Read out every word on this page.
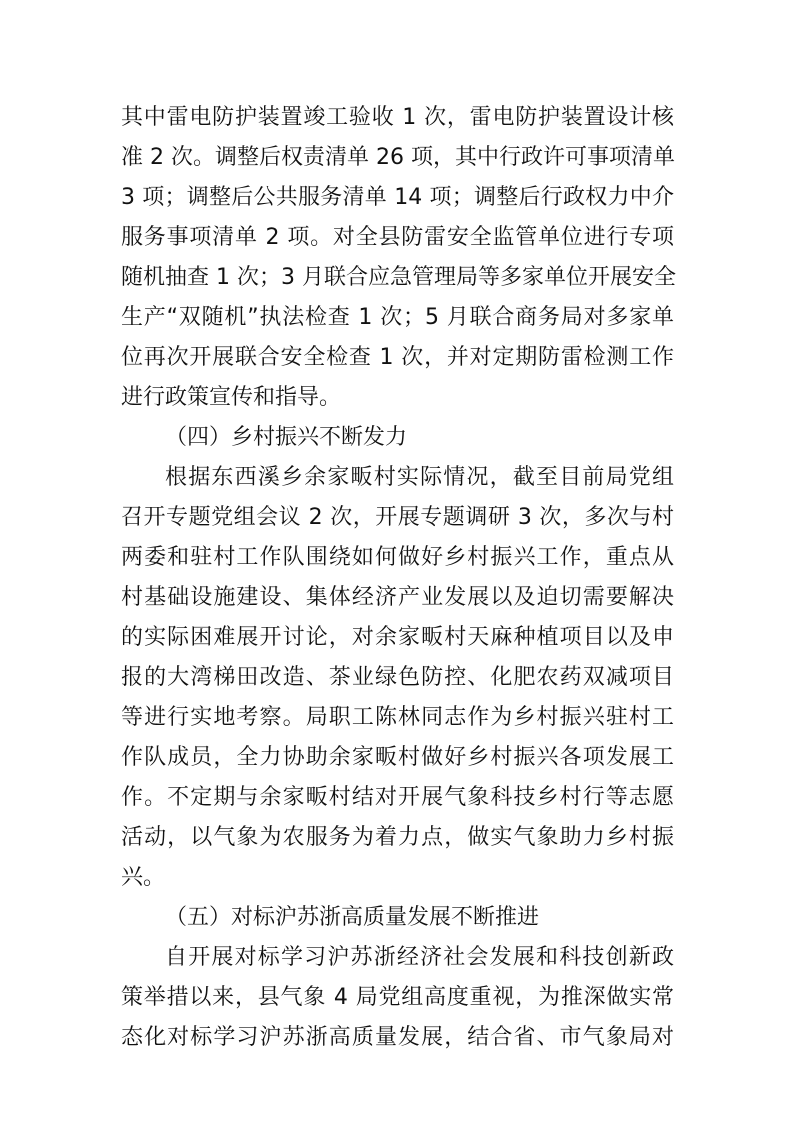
其中雷电防护装置竣工验收 1 次，雷电防护装置设计核
准 2 次。调整后权责清单 26 项，其中行政许可事项清单
3 项；调整后公共服务清单 14 项；调整后行政权力中介
服务事项清单 2 项。对全县防雷安全监管单位进行专项
随机抽查 1 次；3 月联合应急管理局等多家单位开展安全
生产“双随机”执法检查 1 次；5 月联合商务局对多家单
位再次开展联合安全检查 1 次，并对定期防雷检测工作
进行政策宣传和指导。
（四）乡村振兴不断发力
根据东西溪乡余家畈村实际情况，截至目前局党组
召开专题党组会议 2 次，开展专题调研 3 次，多次与村
两委和驻村工作队围绕如何做好乡村振兴工作，重点从
村基础设施建设、集体经济产业发展以及迫切需要解决
的实际困难展开讨论，对余家畈村天麻种植项目以及申
报的大湾梯田改造、茶业绿色防控、化肥农药双减项目
等进行实地考察。局职工陈林同志作为乡村振兴驻村工
作队成员，全力协助余家畈村做好乡村振兴各项发展工
作。不定期与余家畈村结对开展气象科技乡村行等志愿
活动，以气象为农服务为着力点，做实气象助力乡村振
兴。
（五）对标沪苏浙高质量发展不断推进
自开展对标学习沪苏浙经济社会发展和科技创新政
策举措以来，县气象 4 局党组高度重视，为推深做实常
态化对标学习沪苏浙高质量发展，结合省、市气象局对
